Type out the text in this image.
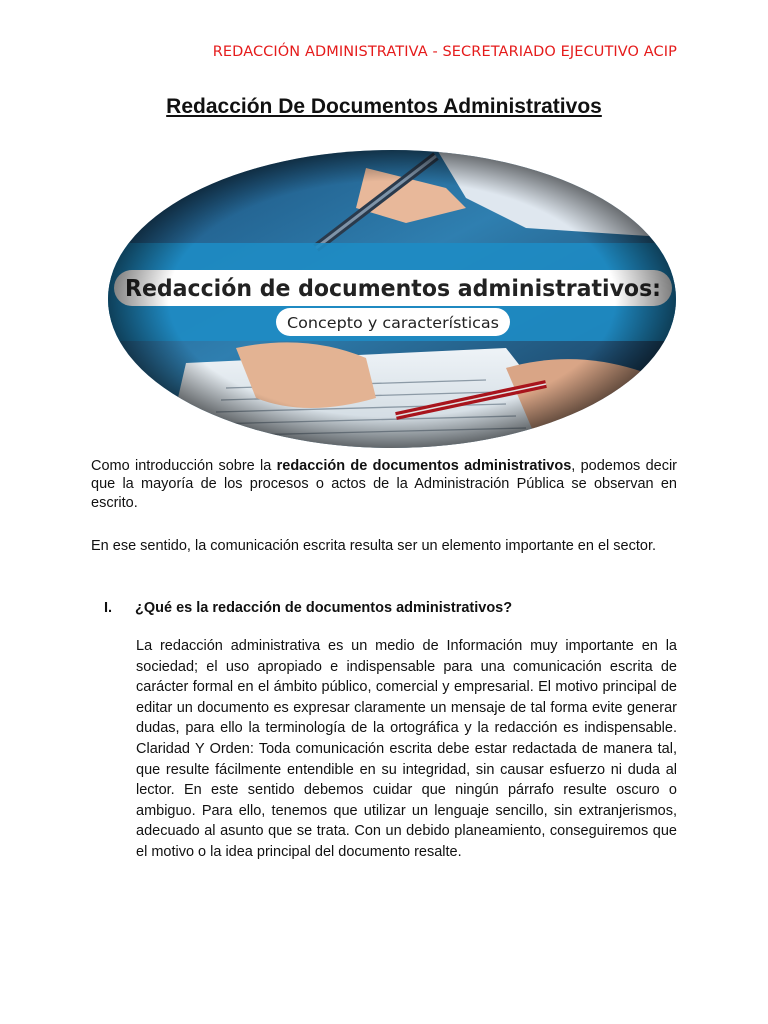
REDACCIÓN ADMINISTRATIVA - SECRETARIADO EJECUTIVO ACIP
Redacción De Documentos Administrativos

Como introducción sobre la redacción de documentos administrativos, podemos decir que la mayoría de los procesos o actos de la Administración Pública se observan en escrito.

En ese sentido, la comunicación escrita resulta ser un elemento importante en el sector.

I.	¿Qué es la redacción de documentos administrativos?

La redacción administrativa es un medio de Información muy importante en la sociedad; el uso apropiado e indispensable para una comunicación escrita de carácter formal en el ámbito público, comercial y empresarial. El motivo principal de editar un documento es expresar claramente un mensaje de tal forma evite generar dudas, para ello la terminología de la ortográfica y la redacción es indispensable. Claridad Y Orden: Toda comunicación escrita debe estar redactada de manera tal, que resulte fácilmente entendible en su integridad, sin causar esfuerzo ni duda al lector. En este sentido debemos cuidar que ningún párrafo resulte oscuro o ambiguo. Para ello, tenemos que utilizar un lenguaje sencillo, sin extranjerismos, adecuado al asunto que se trata. Con un debido planeamiento, conseguiremos que el motivo o la idea principal del documento resalte.
